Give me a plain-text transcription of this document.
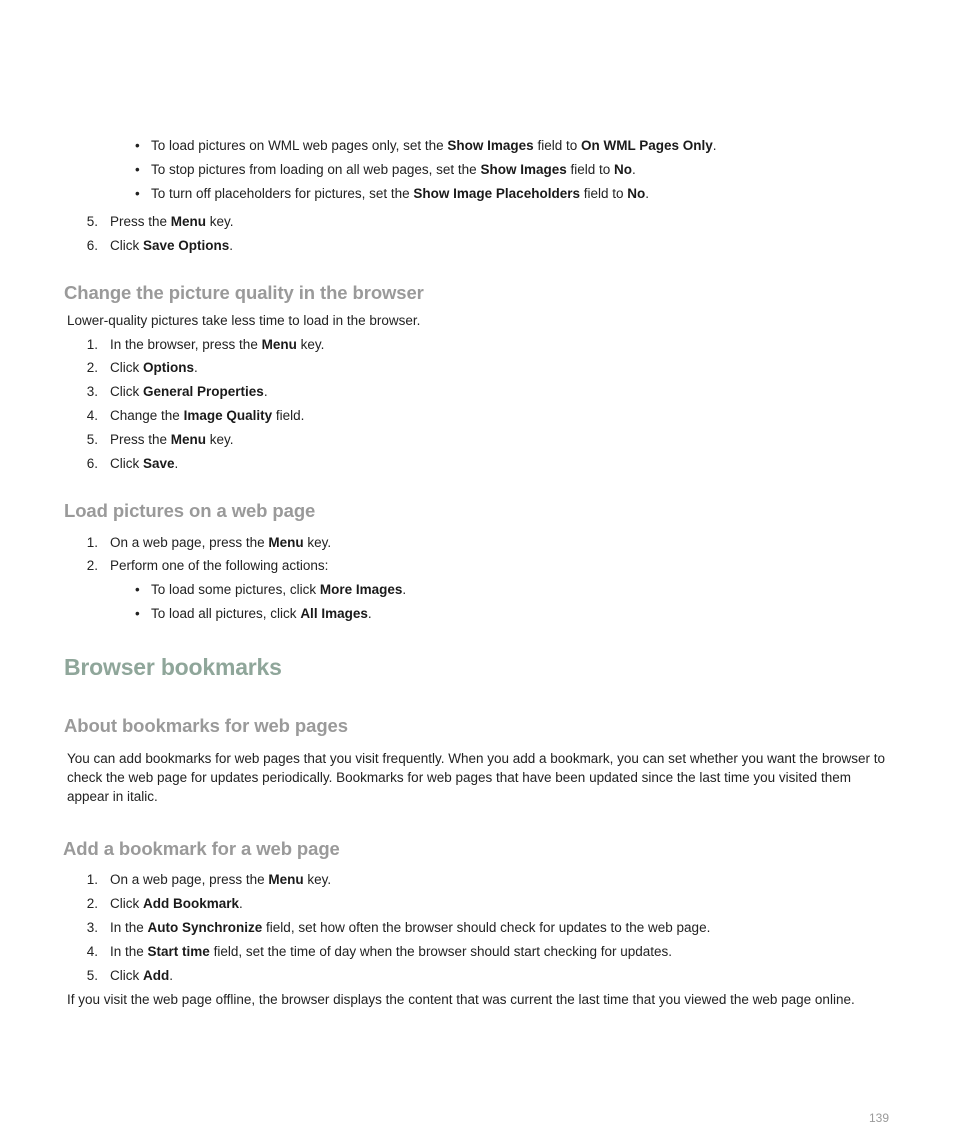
• To load pictures on WML web pages only, set the Show Images field to On WML Pages Only.
• To stop pictures from loading on all web pages, set the Show Images field to No.
• To turn off placeholders for pictures, set the Show Image Placeholders field to No.
5. Press the Menu key.
6. Click Save Options.
Change the picture quality in the browser
Lower-quality pictures take less time to load in the browser.
1. In the browser, press the Menu key.
2. Click Options.
3. Click General Properties.
4. Change the Image Quality field.
5. Press the Menu key.
6. Click Save.
Load pictures on a web page
1. On a web page, press the Menu key.
2. Perform one of the following actions:
• To load some pictures, click More Images.
• To load all pictures, click All Images.
Browser bookmarks
About bookmarks for web pages
You can add bookmarks for web pages that you visit frequently. When you add a bookmark, you can set whether you want the browser to check the web page for updates periodically. Bookmarks for web pages that have been updated since the last time you visited them appear in italic.
Add a bookmark for a web page
1. On a web page, press the Menu key.
2. Click Add Bookmark.
3. In the Auto Synchronize field, set how often the browser should check for updates to the web page.
4. In the Start time field, set the time of day when the browser should start checking for updates.
5. Click Add.
If you visit the web page offline, the browser displays the content that was current the last time that you viewed the web page online.
139
